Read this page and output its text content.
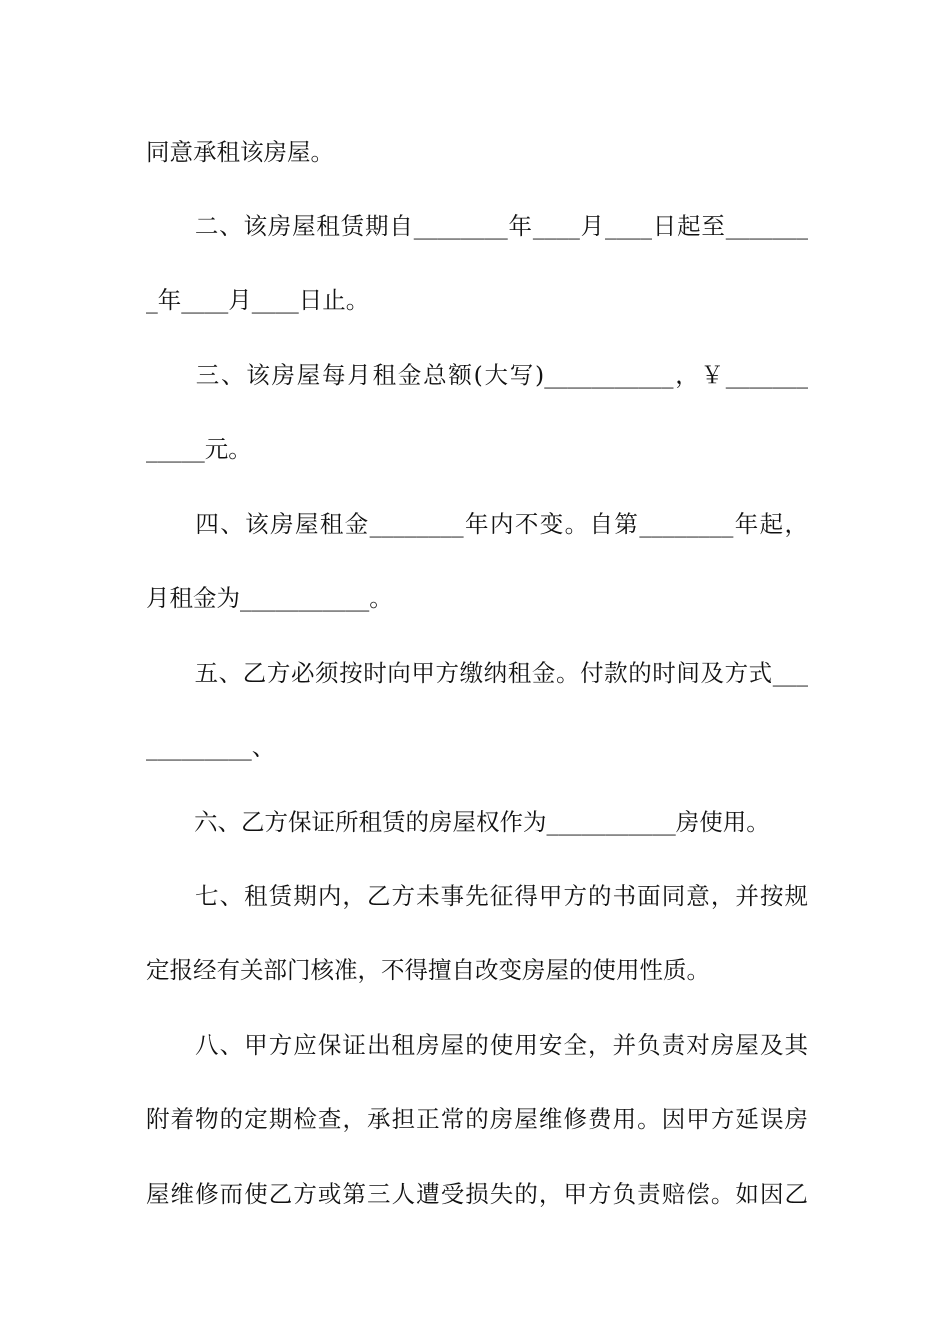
同意承租该房屋。
二、该房屋租赁期自________年____月____日起至_______
_年____月____日止。
三、该房屋每月租金总额(大写)___________，￥_______
_____元。
四、该房屋租金________年内不变。自第________年起，
月租金为___________。
五、乙方必须按时向甲方缴纳租金。付款的时间及方式___
_________、
六、乙方保证所租赁的房屋权作为___________房使用。
七、租赁期内，乙方未事先征得甲方的书面同意，并按规
定报经有关部门核准，不得擅自改变房屋的使用性质。
八、甲方应保证出租房屋的使用安全，并负责对房屋及其
附着物的定期检查，承担正常的房屋维修费用。因甲方延误房
屋维修而使乙方或第三人遭受损失的，甲方负责赔偿。如因乙
